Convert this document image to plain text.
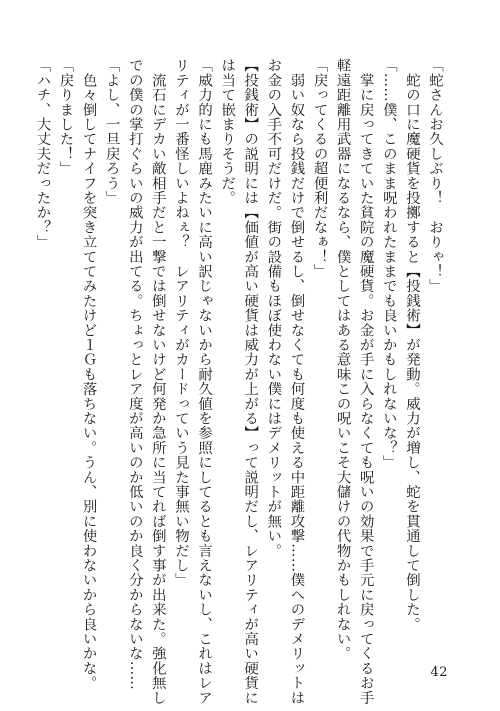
「蛇さんお久しぶり！　おりゃ！」
　蛇の口に魔硬貨を投擲すると【投銭術】が発動。威力が増し、蛇を貫通して倒した。
「……僕、このまま呪われたままでも良いかもしれないな？」
　掌に戻ってきていた貧院の魔硬貨。お金が手に入らなくても呪いの効果で手元に戻ってくるお手
軽遠距離用武器になるなら、僕としてはある意味この呪いこそ大儲けの代物かもしれない。
「戻ってくるの超便利だなぁ！」
　弱い奴なら投銭だけで倒せるし、倒せなくても何度も使える中距離攻撃……僕へのデメリットは
お金の入手不可だけだ。街の設備もほぼ使わない僕にはデメリットが無い。
【投銭術】の説明には【価値が高い硬貨は威力が上がる】って説明だし、レアリティが高い硬貨に
は当て嵌まりそうだ。
「威力的にも馬鹿みたいに高い訳じゃないから耐久値を参照にしてるとも言えないし、これはレア
リティが一番怪しいよねぇ？　レアリティがカードっていう見た事無い物だし」
　流石にデカい敵相手だと一撃では倒せないけど何発か急所に当てれば倒す事が出来た。強化無し
での僕の掌打ぐらいの威力が出てる。ちょっとレア度が高いのか低いのか良く分からないな……
「よし、一旦戻ろう」
　色々倒してナイフを突き立ててみたけど１Ｇも落ちない。うん、別に使わないから良いかな。
「戻りました！」
「ハチ、大丈夫だったか？」
42
